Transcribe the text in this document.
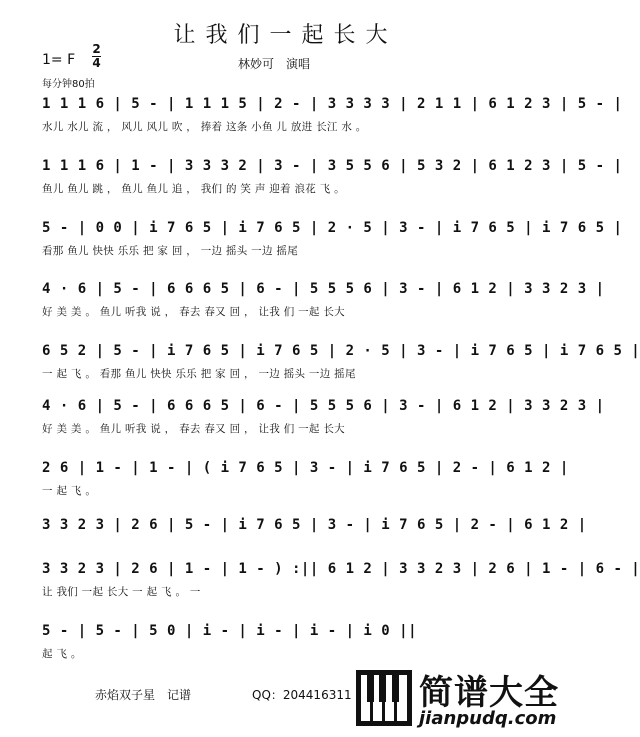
让我们一起长大
1= F
2
4	林妙可　演唱
每分钟80拍
1 1 1 6 | 5 - | 1 1 1 5 | 2 - | 3 3 3 3 | 2 1 1 | 6 1 2 3 | 5 - |
水儿 水儿 流 ， 风儿 风儿 吹 ， 捧着 这条 小鱼 儿 放进 长江 水 。
1 1 1 6 | 1 - | 3 3 3 2 | 3 - | 3 5 5 6 | 5 3 2 | 6 1 2 3 | 5 - |
鱼儿 鱼儿 跳 ， 鱼儿 鱼儿 追 ， 我们 的 笑 声 迎着 浪花 飞 。
5 - | 0 0 | i 7 6 5 | i 7 6 5 | 2 · 5 | 3 - | i 7 6 5 | i 7 6 5 |
看那 鱼儿 快快 乐乐 把 家 回 ， 一边 摇头 一边 摇尾
4 · 6 | 5 - | 6 6 6 5 | 6 - | 5 5 5 6 | 3 - | 6 1 2 | 3 3 2 3 |
好 美 美 。 鱼儿 听我 说 ， 春去 春又 回 ， 让我 们 一起 长大
6 5 2 | 5 - | i 7 6 5 | i 7 6 5 | 2 · 5 | 3 - | i 7 6 5 | i 7 6 5 |
一 起 飞 。 看那 鱼儿 快快 乐乐 把 家 回 ， 一边 摇头 一边 摇尾
4 · 6 | 5 - | 6 6 6 5 | 6 - | 5 5 5 6 | 3 - | 6 1 2 | 3 3 2 3 |
好 美 美 。 鱼儿 听我 说 ， 春去 春又 回 ， 让我 们 一起 长大
2 6 | 1 - | 1 - | ( i 7 6 5 | 3 - | i 7 6 5 | 2 - | 6 1 2 |
一 起 飞 。
3 3 2 3 | 2 6 | 5 - | i 7 6 5 | 3 - | i 7 6 5 | 2 - | 6 1 2 |
3 3 2 3 | 2 6 | 1 - | 1 - ) :|| 6 1 2 | 3 3 2 3 | 2 6 | 1 - | 6 - |
让 我们 一起 长大 一 起 飞 。 一
5 - | 5 - | 5 0 | i - | i - | i - | i 0 ||
起 飞 。
赤焰双子星　记谱	QQ：204416311 简谱大全
jianpudq.com
